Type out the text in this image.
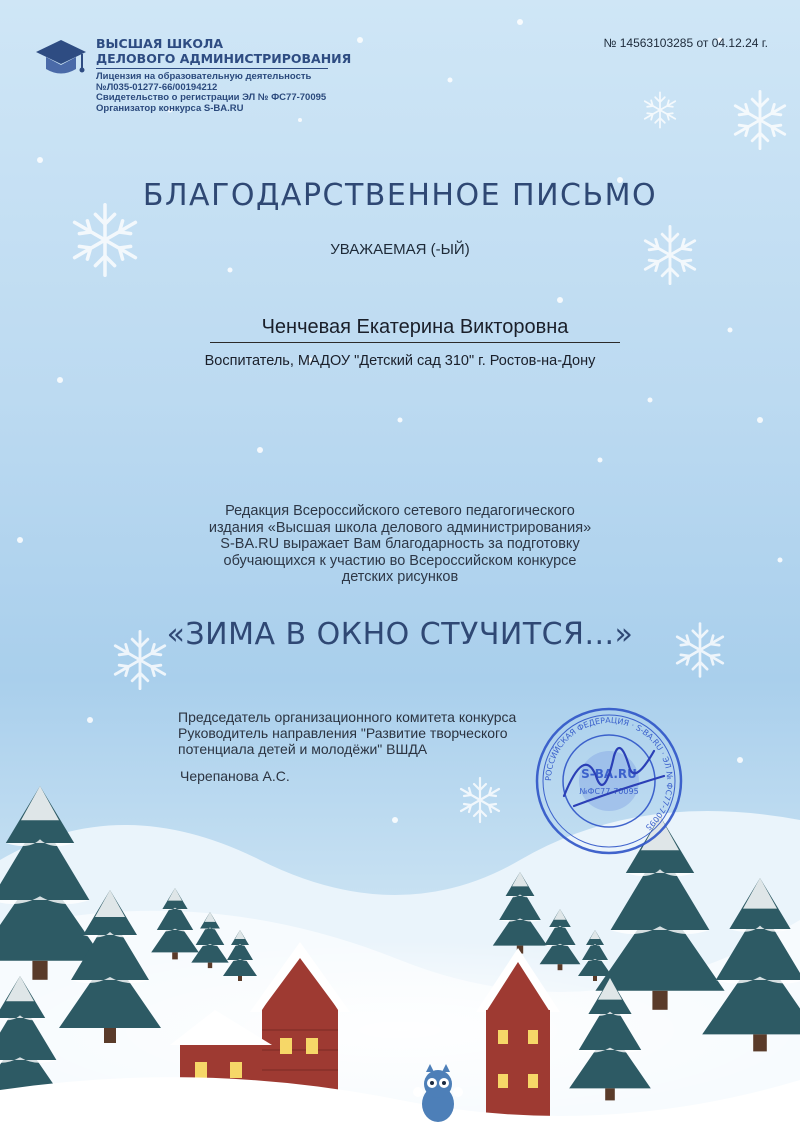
ВЫСШАЯ ШКОЛА
ДЕЛОВОГО АДМИНИСТРИРОВАНИЯ
Лицензия на образовательную деятельность
№Л035-01277-66/00194212
Свидетельство о регистрации ЭЛ № ФС77-70095
Организатор конкурса S-BA.RU
№ 14563103285 от 04.12.24 г.
БЛАГОДАРСТВЕННОЕ ПИСЬМО
УВАЖАЕМАЯ (-ЫЙ)
Ченчевая Екатерина Викторовна
Воспитатель, МАДОУ "Детский сад 310" г. Ростов-на-Дону
Редакция Всероссийского сетевого педагогического
издания «Высшая школа делового администрирования»
S-BA.RU выражает Вам благодарность за подготовку
обучающихся к участию во Всероссийском конкурсе
детских рисунков
«ЗИМА В ОКНО СТУЧИТСЯ...»
Председатель организационного комитета конкурса
Руководитель направления "Развитие творческого
потенциала детей и молодёжи" ВШДА
Черепанова А.С.	РОССИЙСКАЯ ФЕДЕРАЦИЯ · S-BA.RU · ЭЛ № ФС77-70095
S-BA.RU
№ФС77-70095
